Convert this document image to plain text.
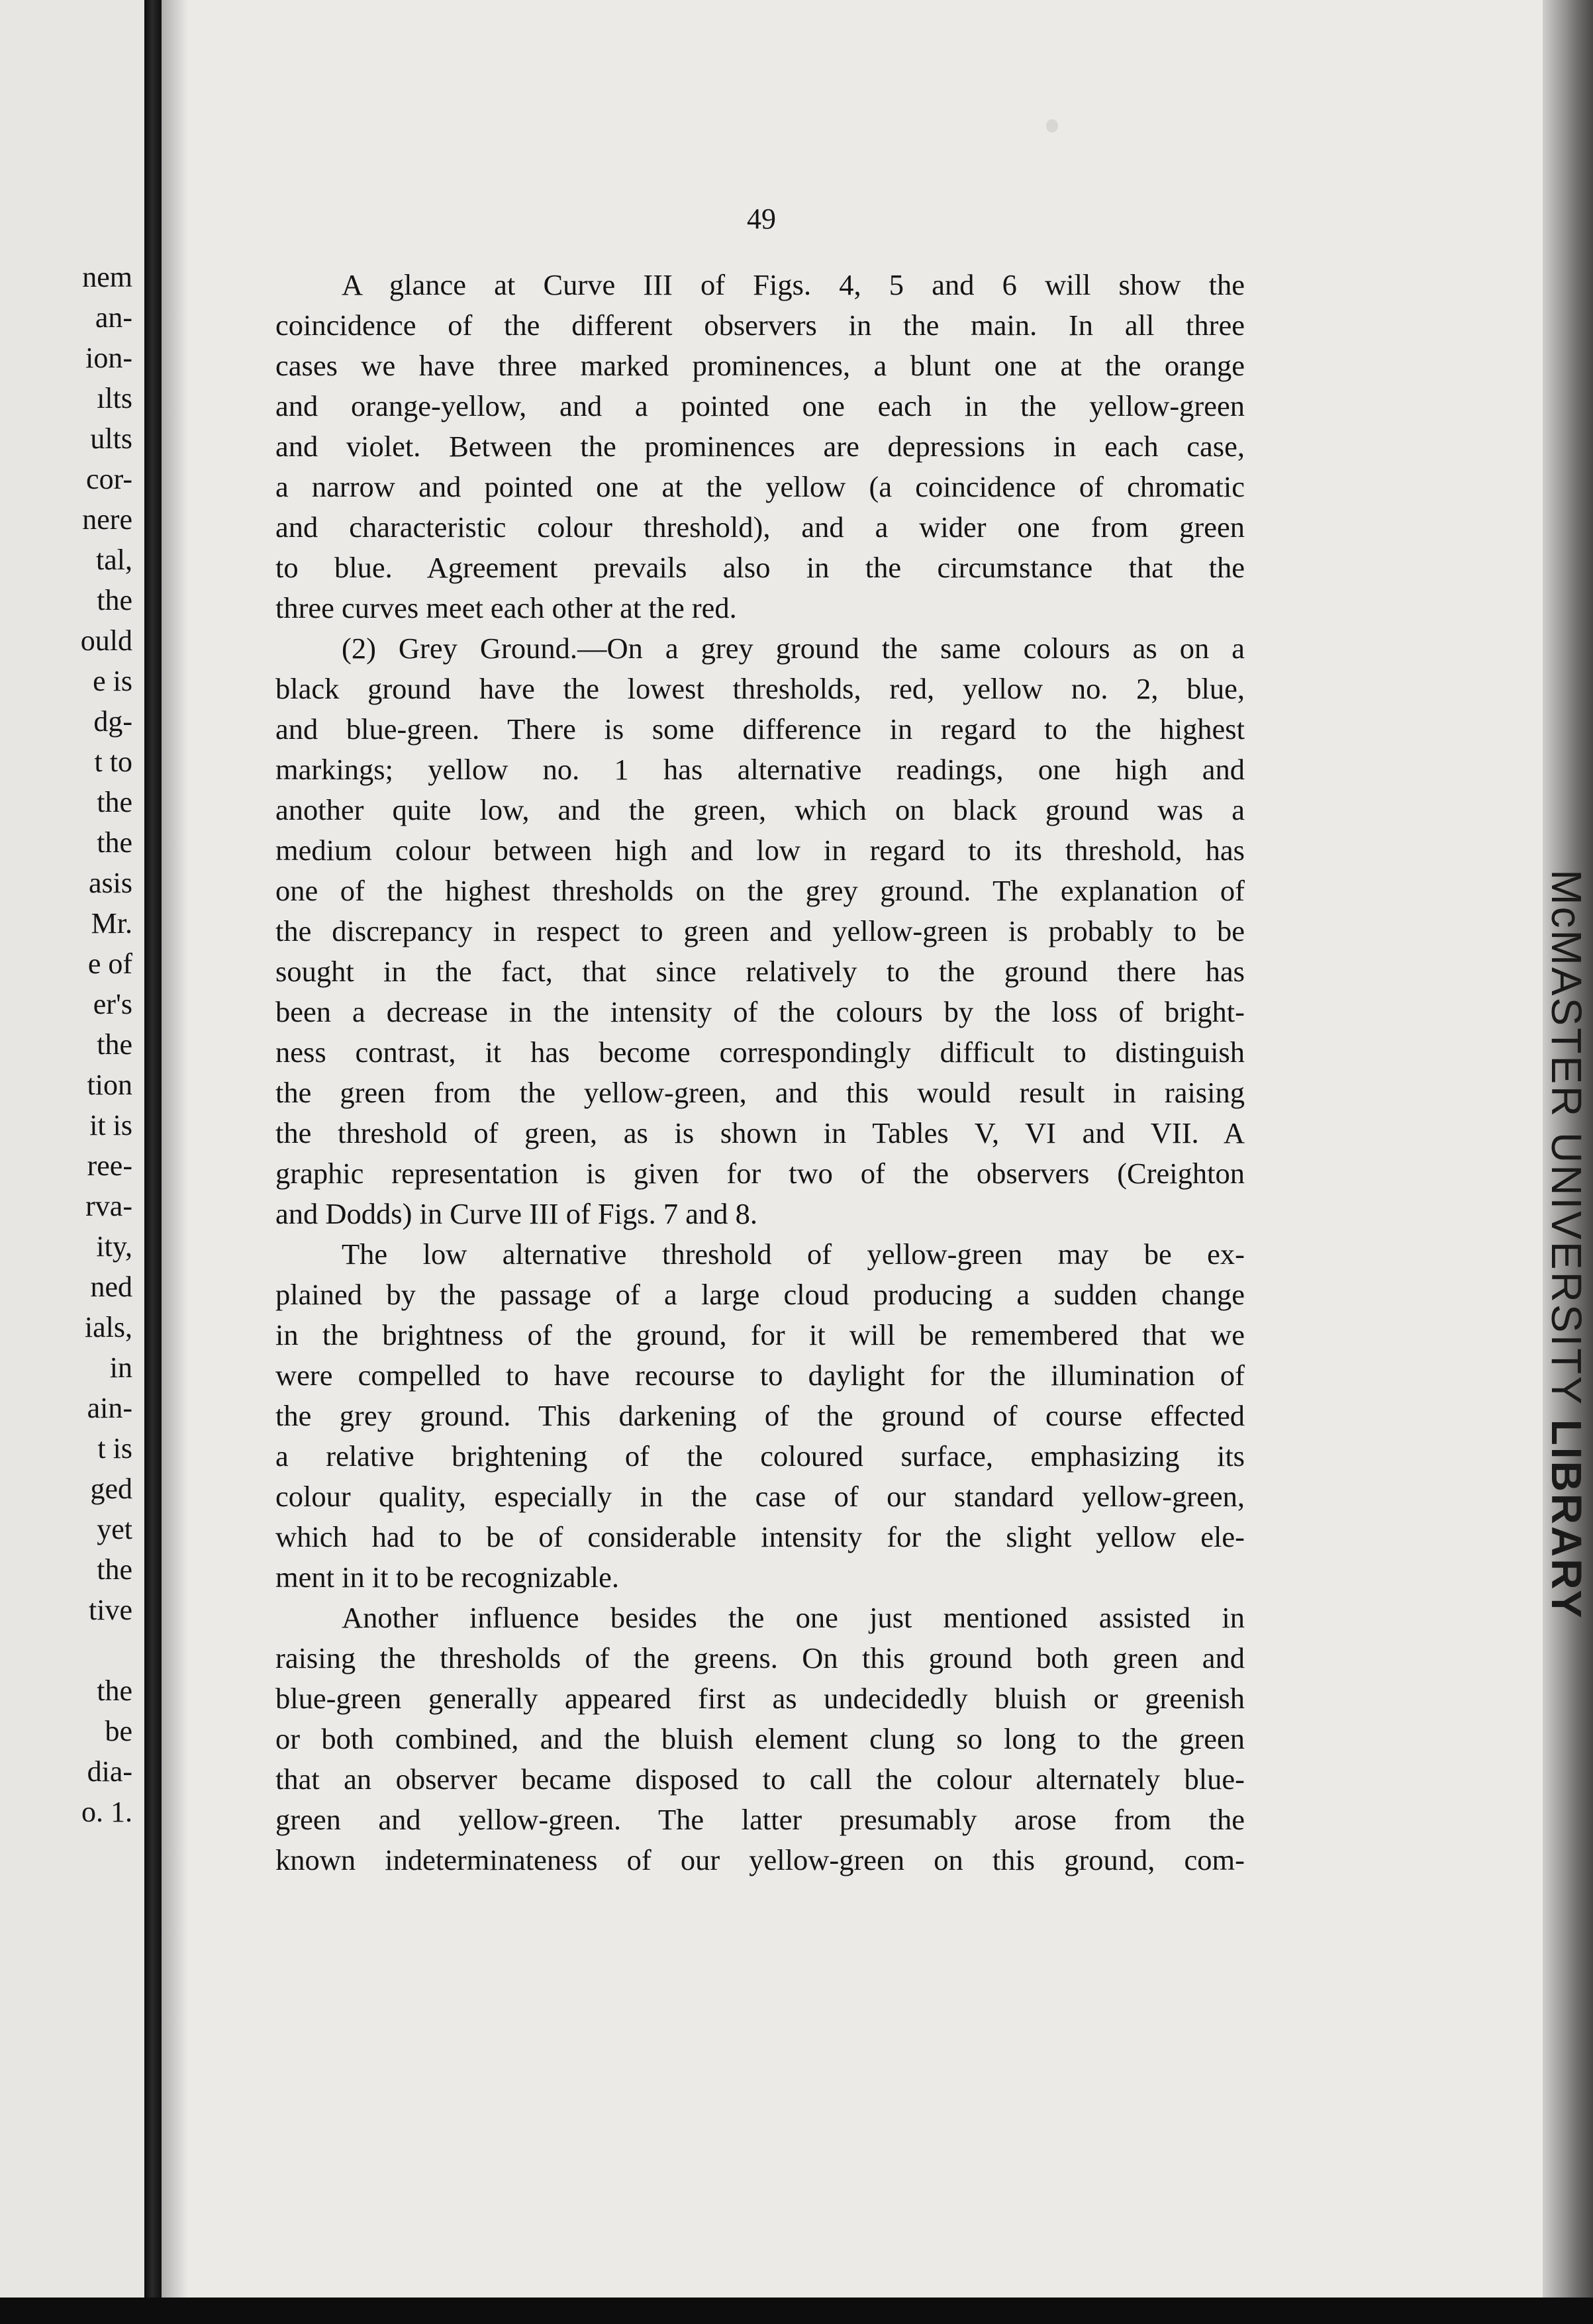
nem
an-
ion-
ılts
ults
cor-
nere
tal,
the
ould
e is
dg-
t to
the
the
asis
Mr.
e of
er's
the
tion
it is
ree-
rva-
ity,
ned
ials,
in
ain-
t is
ged
yet
the
tive

the
be
dia-
o. 1.
49
A glance at Curve III of Figs. 4, 5 and 6 will show the
coincidence of the different observers in the main. In all three
cases we have three marked prominences, a blunt one at the orange
and orange-yellow, and a pointed one each in the yellow-green
and violet. Between the prominences are depressions in each case,
a narrow and pointed one at the yellow (a coincidence of chromatic
and characteristic colour threshold), and a wider one from green
to blue. Agreement prevails also in the circumstance that the
three curves meet each other at the red.
(2) Grey Ground.—On a grey ground the same colours as on a
black ground have the lowest thresholds, red, yellow no. 2, blue,
and blue-green. There is some difference in regard to the highest
markings; yellow no. 1 has alternative readings, one high and
another quite low, and the green, which on black ground was a
medium colour between high and low in regard to its threshold, has
one of the highest thresholds on the grey ground. The explanation of
the discrepancy in respect to green and yellow-green is probably to be
sought in the fact, that since relatively to the ground there has
been a decrease in the intensity of the colours by the loss of bright-
ness contrast, it has become correspondingly difficult to distinguish
the green from the yellow-green, and this would result in raising
the threshold of green, as is shown in Tables V, VI and VII. A
graphic representation is given for two of the observers (Creighton
and Dodds) in Curve III of Figs. 7 and 8.
The low alternative threshold of yellow-green may be ex-
plained by the passage of a large cloud producing a sudden change
in the brightness of the ground, for it will be remembered that we
were compelled to have recourse to daylight for the illumination of
the grey ground. This darkening of the ground of course effected
a relative brightening of the coloured surface, emphasizing its
colour quality, especially in the case of our standard yellow-green,
which had to be of considerable intensity for the slight yellow ele-
ment in it to be recognizable.
Another influence besides the one just mentioned assisted in
raising the thresholds of the greens. On this ground both green and
blue-green generally appeared first as undecidedly bluish or greenish
or both combined, and the bluish element clung so long to the green
that an observer became disposed to call the colour alternately blue-
green and yellow-green. The latter presumably arose from the
known indeterminateness of our yellow-green on this ground, com-
McMASTER UNIVERSITY LIBRARY
